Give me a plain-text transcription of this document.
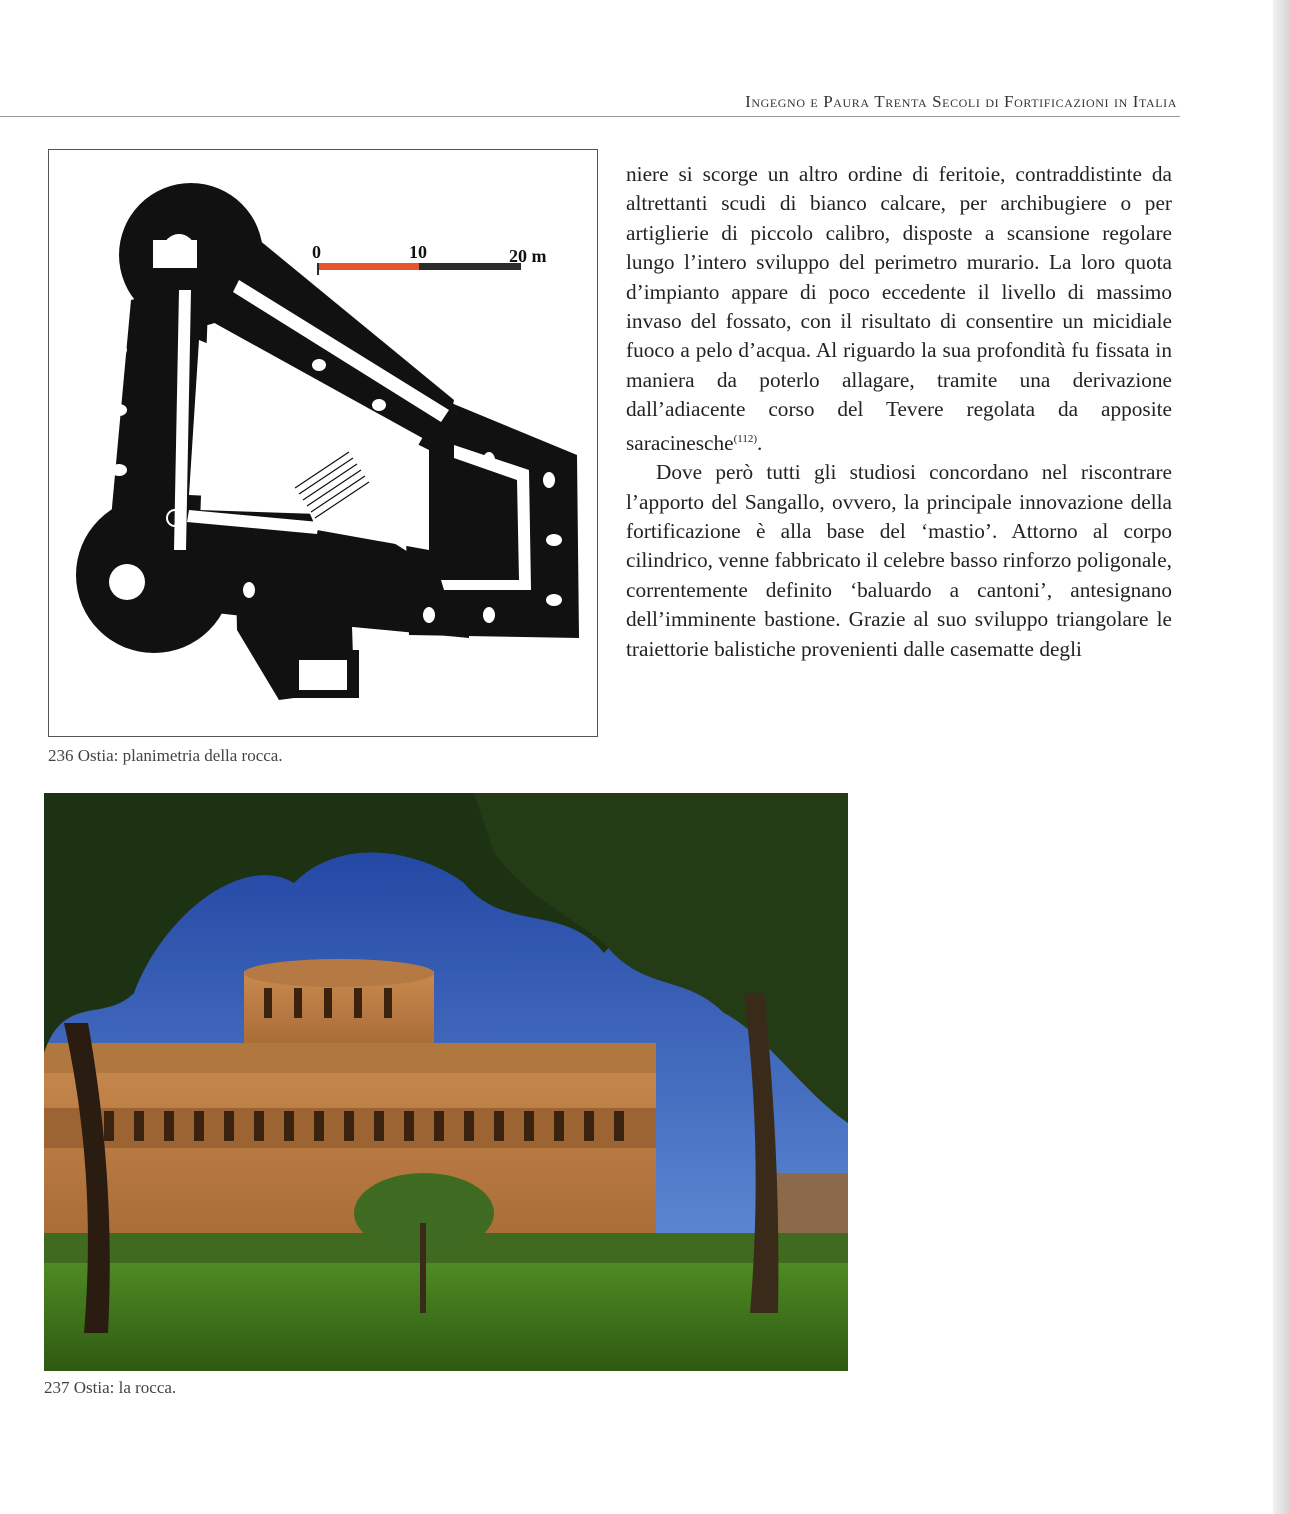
Ingegno e Paura Trenta Secoli di Fortificazioni in Italia
0	10	20 m
236 Ostia: planimetria della rocca.

niere si scorge un altro ordine di feritoie, contraddistinte da altrettanti scudi di bianco calcare, per archibugiere o per artiglierie di piccolo calibro, disposte a scansione regolare lungo l’intero sviluppo del perimetro murario. La loro quota d’impianto appare di poco eccedente il livello di massimo invaso del fossato, con il risultato di consentire un micidiale fuoco a pelo d’acqua. Al riguardo la sua profondità fu fissata in maniera da poterlo allagare, tramite una derivazione dall’adiacente corso del Tevere regolata da apposite saracinesche$^{(112)}$.

Dove però tutti gli studiosi concordano nel riscontrare l’apporto del Sangallo, ovvero, la principale innovazione della fortificazione è alla base del ‘mastio’. Attorno al corpo cilindrico, venne fabbricato il celebre basso rinforzo poligonale, correntemente definito ‘baluardo a cantoni’, antesignano dell’imminente bastione. Grazie al suo sviluppo triangolare le traiettorie balistiche provenienti dalle casematte degli

237 Ostia: la rocca.
